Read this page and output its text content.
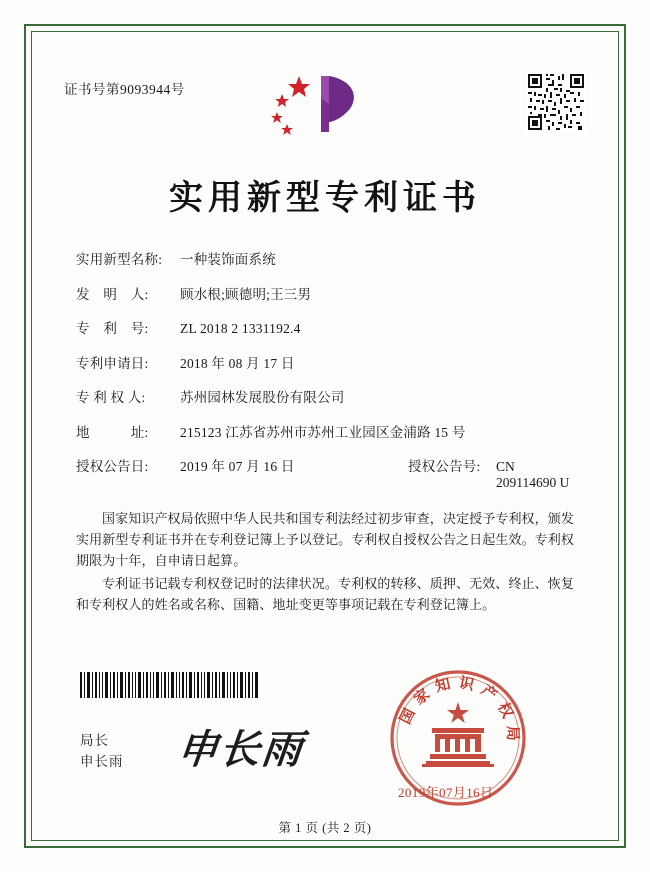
证书号第9093944号
实用新型专利证书
实用新型名称:	一种装饰面系统
发　明　人:	顾水根;顾德明;王三男
专　利　号:	ZL 2018 2 1331192.4
专利申请日:	2018 年 08 月 17 日
专 利 权 人:	苏州园林发展股份有限公司
地　　　址:	215123 江苏省苏州市苏州工业园区金浦路 15 号
授权公告日:	2019 年 07 月 16 日	授权公告号:	CN 209114690 U

国家知识产权局依照中华人民共和国专利法经过初步审查，决定授予专利权，颁发实用新型专利证书并在专利登记簿上予以登记。专利权自授权公告之日起生效。专利权期限为十年，自申请日起算。

专利证书记载专利权登记时的法律状况。专利权的转移、质押、无效、终止、恢复和专利权人的姓名或名称、国籍、地址变更等事项记载在专利登记簿上。

局长
申长雨 申长雨
国家知识产权局
2019年07月16日
第 1 页 (共 2 页)
